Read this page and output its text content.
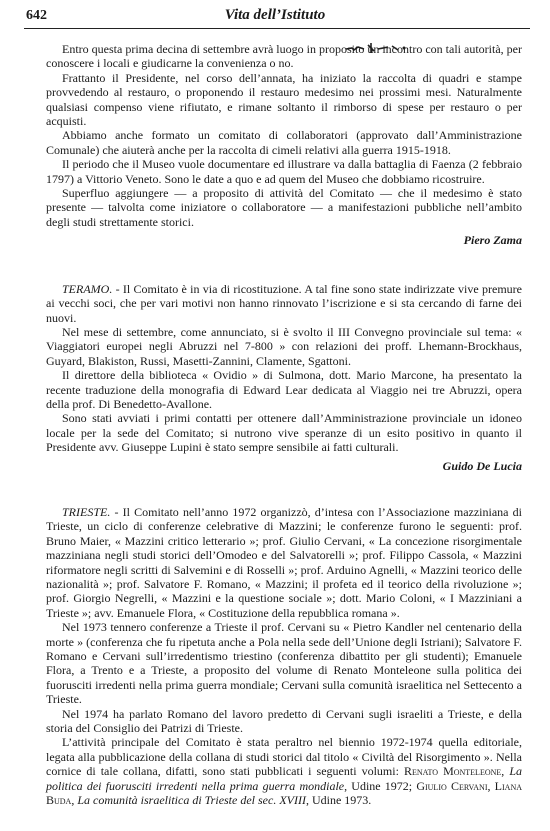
642	Vita dell’Istituto

Entro questa prima decina di settembre avrà luogo in proposito un incontro con tali autorità, per conoscere i locali e giudicarne la convenienza o no.

Frattanto il Presidente, nel corso dell’annata, ha iniziato la raccolta di quadri e stampe provvedendo al restauro, o proponendo il restauro medesimo nei prossimi mesi. Naturalmente qualsiasi compenso viene rifiutato, e rimane soltanto il rimborso di spese per restauro o per acquisti.

Abbiamo anche formato un comitato di collaboratori (approvato dall’Amministrazione Comunale) che aiuterà anche per la raccolta di cimeli relativi alla guerra 1915-1918.

Il periodo che il Museo vuole documentare ed illustrare va dalla battaglia di Faenza (2 febbraio 1797) a Vittorio Veneto. Sono le date a quo e ad quem del Museo che dobbiamo ricostruire.

Superfluo aggiungere — a proposito di attività del Comitato — che il medesimo è stato presente — talvolta come iniziatore o collaboratore — a manifestazioni pubbliche nell’ambito degli studi strettamente storici.

Piero Zama

TERAMO. - Il Comitato è in via di ricostituzione. A tal fine sono state indirizzate vive premure ai vecchi soci, che per vari motivi non hanno rinnovato l’iscrizione e si sta cercando di farne dei nuovi.

Nel mese di settembre, come annunciato, si è svolto il III Convegno provinciale sul tema: « Viaggiatori europei negli Abruzzi nel 7-800 » con relazioni dei proff. Lhemann-Brockhaus, Guyard, Blakiston, Russi, Masetti-Zannini, Clamente, Sgattoni.

Il direttore della biblioteca « Ovidio » di Sulmona, dott. Mario Marcone, ha presentato la recente traduzione della monografia di Edward Lear dedicata al Viaggio nei tre Abruzzi, opera della prof. Di Benedetto-Avallone.

Sono stati avviati i primi contatti per ottenere dall’Amministrazione provinciale un idoneo locale per la sede del Comitato; si nutrono vive speranze di un esito positivo in quanto il Presidente avv. Giuseppe Lupini è stato sempre sensibile ai fatti culturali.

Guido De Lucia

TRIESTE. - Il Comitato nell’anno 1972 organizzò, d’intesa con l’Associazione mazziniana di Trieste, un ciclo di conferenze celebrative di Mazzini; le conferenze furono le seguenti: prof. Bruno Maier, « Mazzini critico letterario »; prof. Giulio Cervani, « La concezione risorgimentale mazziniana negli studi storici dell’Omodeo e del Salvatorelli »; prof. Filippo Cassola, « Mazzini riformatore negli scritti di Salvemini e di Rosselli »; prof. Arduino Agnelli, « Mazzini teorico delle nazionalità »; prof. Salvatore F. Romano, « Mazzini; il profeta ed il teorico della rivoluzione »; prof. Giorgio Negrelli, « Mazzini e la questione sociale »; dott. Mario Coloni, « I Mazziniani a Trieste »; avv. Emanuele Flora, « Costituzione della repubblica romana ».

Nel 1973 tennero conferenze a Trieste il prof. Cervani su « Pietro Kandler nel centenario della morte » (conferenza che fu ripetuta anche a Pola nella sede dell’Unione degli Istriani); Salvatore F. Romano e Cervani sull’irredentismo triestino (conferenza dibattito per gli studenti); Emanuele Flora, a Trento e a Trieste, a proposito del volume di Renato Monteleone sulla politica dei fuorusciti irredenti nella prima guerra mondiale; Cervani sulla comunità israelitica nel Settecento a Trieste.

Nel 1974 ha parlato Romano del lavoro predetto di Cervani sugli israeliti a Trieste, e della storia del Consiglio dei Patrizi di Trieste.

L’attività principale del Comitato è stata peraltro nel biennio 1972-1974 quella editoriale, legata alla pubblicazione della collana di studi storici dal titolo « Civiltà del Risorgimento ». Nella cornice di tale collana, difatti, sono stati pubblicati i seguenti volumi: Renato Monteleone, La politica dei fuorusciti irredenti nella prima guerra mondiale, Udine 1972; Giulio Cervani, Liana Buda, La comunità israelitica di Trieste del sec. XVIII, Udine 1973.
